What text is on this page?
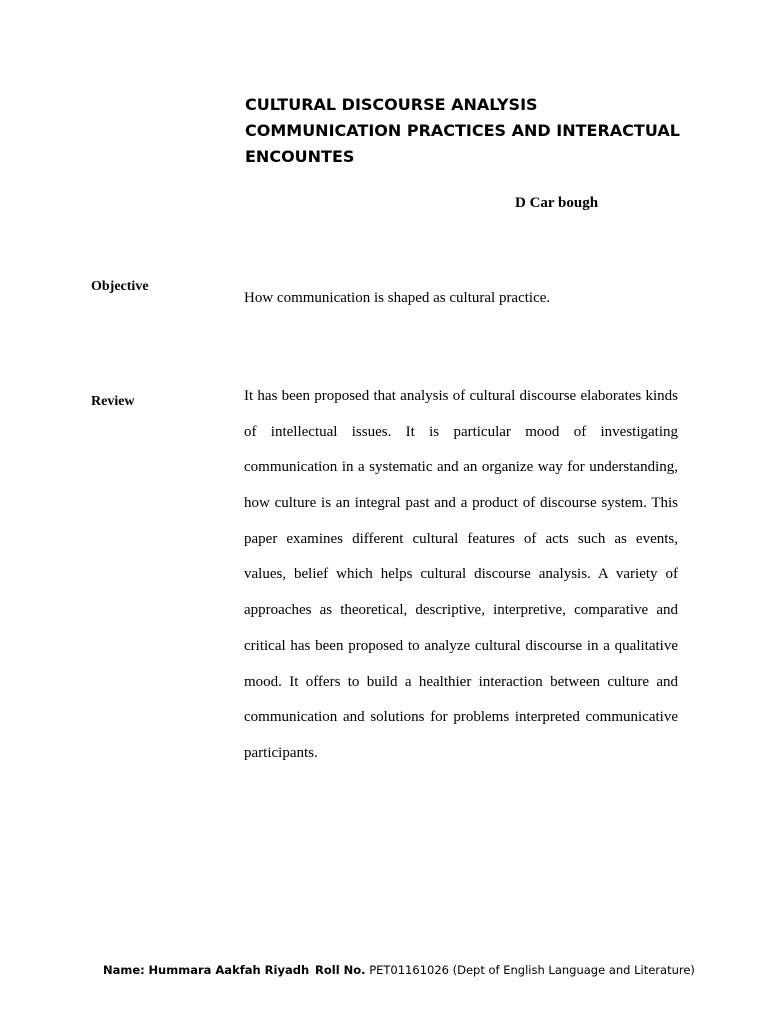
CULTURAL DISCOURSE ANALYSIS
COMMUNICATION PRACTICES AND INTERACTUAL
ENCOUNTES
D Car bough
Objective
How communication is shaped as cultural practice.
Review	It has been proposed that analysis of cultural discourse elaborates kinds
of intellectual issues. It is particular mood of investigating
communication in a systematic and an organize way for understanding,
how culture is an integral past and a product of discourse system. This
paper examines different cultural features of acts such as events,
values, belief which helps cultural discourse analysis. A variety of
approaches as theoretical, descriptive, interpretive, comparative and
critical has been proposed to analyze cultural discourse in a qualitative
mood. It offers to build a healthier interaction between culture and
communication and solutions for problems interpreted communicative
participants.
Name: Hummara Aakfah Riyadh Roll No. PET01161026 (Dept of English Language and Literature)
